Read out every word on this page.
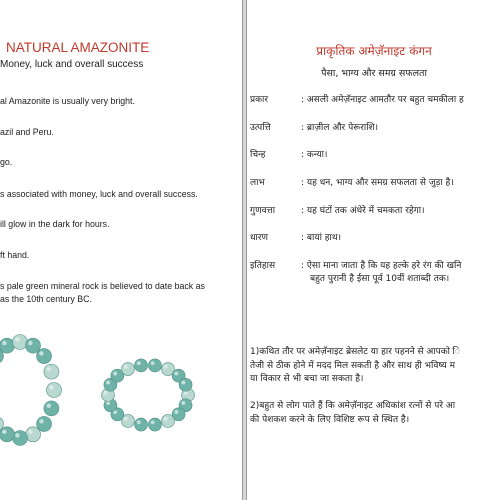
NATURAL AMAZONITE
Money, luck and overall success
al Amazonite is usually very bright.
azil and Peru.
go.
s associated with money, luck and overall success.
ill glow in the dark for hours.
ft hand.
s pale green mineral rock is believed to date back as
as the 10th century BC.
प्राकृतिक अमेज़ॅनाइट कंगन
पैसा, भाग्य और समग्र सफलता
प्रकार	: असली अमेज़ॅनाइट आमतौर पर बहुत चमकीला ह
उत्पत्ति	: ब्राज़ील और पेरूराशि।
चिन्ह	: कन्या।
लाभ	: यह धन, भाग्य और समग्र सफलता से जुड़ा है।
गुणवत्ता	: यह घंटों तक अंधेरे में चमकता रहेगा।
धारण	: बायां हाथ।
इतिहास	: ऐसा माना जाता है कि यह हल्के हरे रंग की खनि
बहुत पुरानी है ईसा पूर्व 10वीं शताब्दी तक।
1)कथित तौर पर अमेज़ॅनाइट ब्रेसलेट या हार पहनने से आपको ि
तेजी से ठीक होने में मदद मिल सकती है और साथ ही भविष्य म
या विकार से भी बचा जा सकता है।
2)बहुत से लोग पाते हैं कि अमेज़ॅनाइट अधिकांश रत्नों से परे आ
की पेशकश करने के लिए विशिष्ट रूप से स्थित है।
